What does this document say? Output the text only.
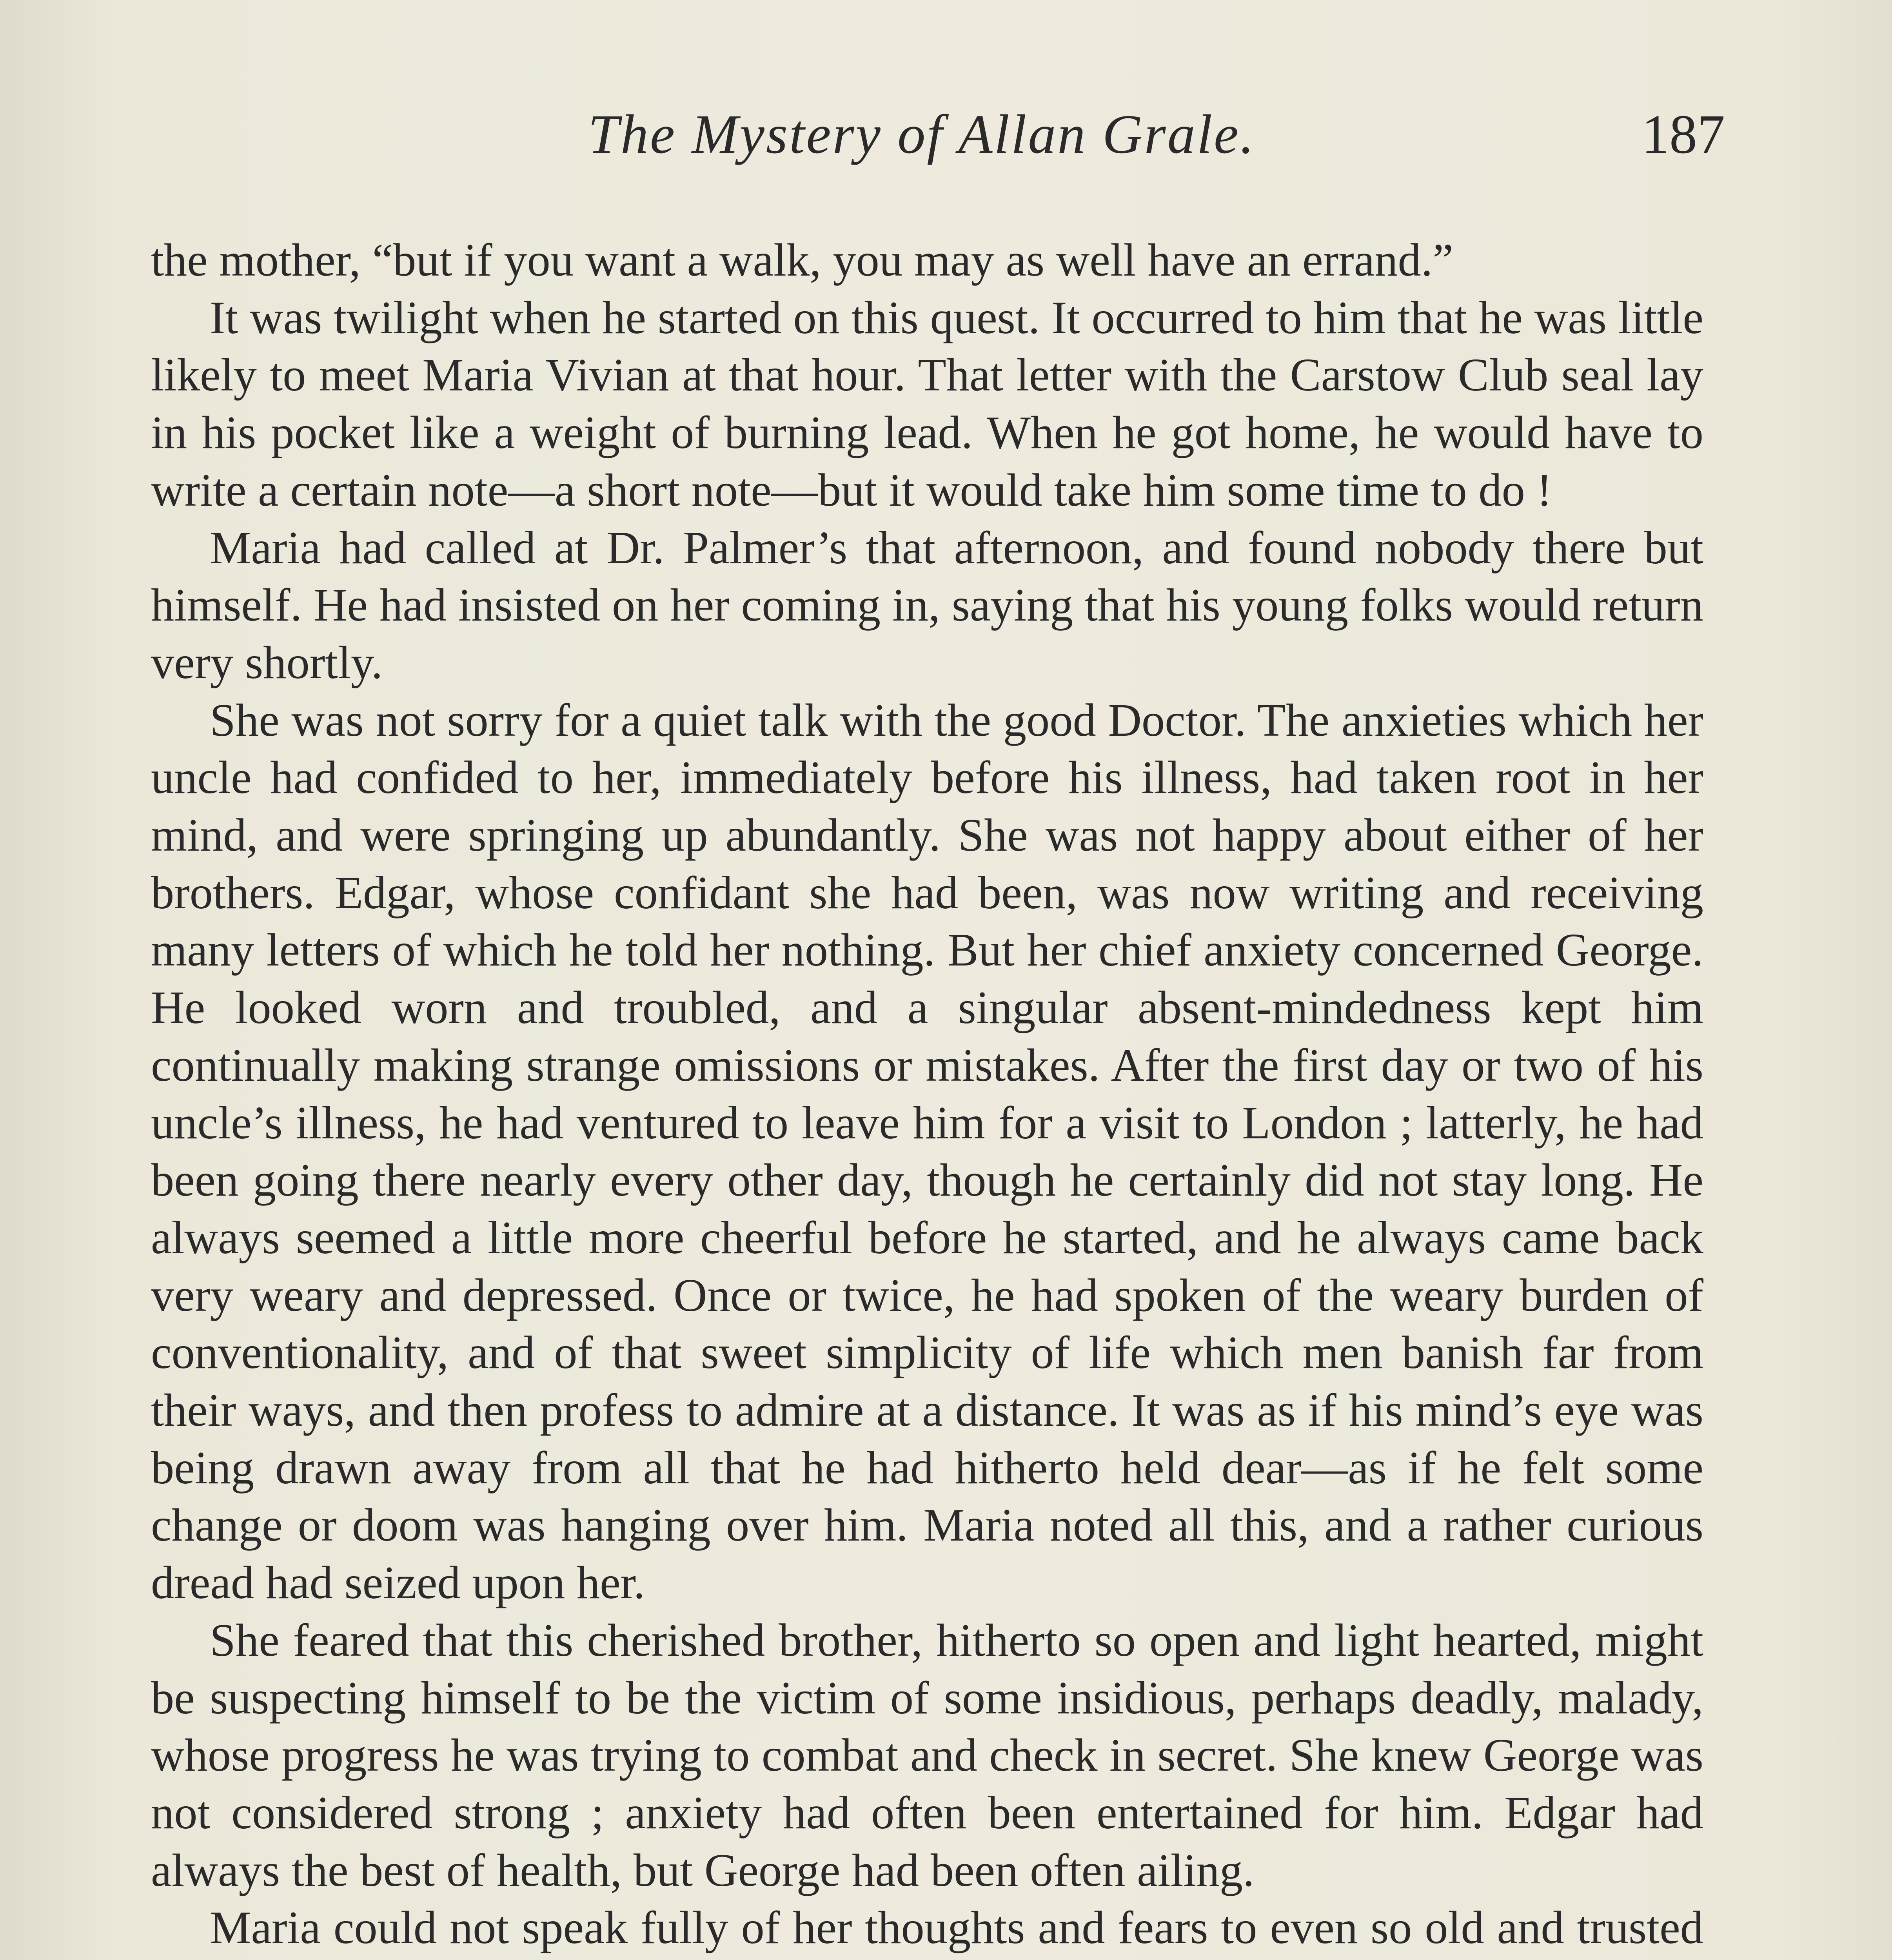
The Mystery of Allan Grale.	187

the mother, “but if you want a walk, you may as well have an errand.”

It was twilight when he started on this quest. It occurred to him that he was little likely to meet Maria Vivian at that hour. That letter with the Carstow Club seal lay in his pocket like a weight of burning lead. When he got home, he would have to write a certain note—a short note—but it would take him some time to do !

Maria had called at Dr. Palmer’s that afternoon, and found nobody there but himself. He had insisted on her coming in, saying that his young folks would return very shortly.

She was not sorry for a quiet talk with the good Doctor. The anxieties which her uncle had confided to her, immediately before his illness, had taken root in her mind, and were springing up abundantly. She was not happy about either of her brothers. Edgar, whose confidant she had been, was now writing and receiving many letters of which he told her nothing. But her chief anxiety concerned George. He looked worn and troubled, and a singular absent-mindedness kept him continually making strange omissions or mistakes. After the first day or two of his uncle’s illness, he had ventured to leave him for a visit to London ; latterly, he had been going there nearly every other day, though he certainly did not stay long. He always seemed a little more cheerful before he started, and he always came back very weary and depressed. Once or twice, he had spoken of the weary burden of conventionality, and of that sweet simplicity of life which men banish far from their ways, and then profess to admire at a distance. It was as if his mind’s eye was being drawn away from all that he had hitherto held dear—as if he felt some change or doom was hanging over him. Maria noted all this, and a rather curious dread had seized upon her.

She feared that this cherished brother, hitherto so open and light hearted, might be suspecting himself to be the victim of some insidious, perhaps deadly, malady, whose progress he was trying to combat and check in secret. She knew George was not considered strong ; anxiety had often been entertained for him. Edgar had always the best of health, but George had been often ailing.

Maria could not speak fully of her thoughts and fears to even so old and trusted
